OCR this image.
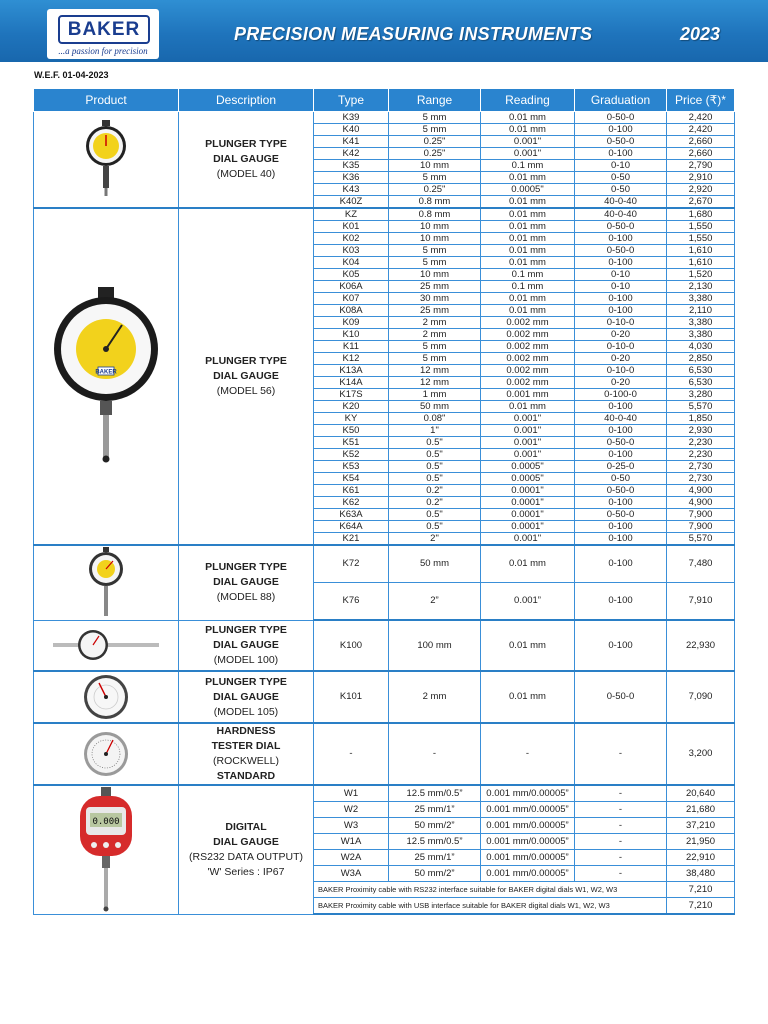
BAKER
...a passion for precision
PRECISION MEASURING INSTRUMENTS	2023
W.E.F. 01-04-2023
Product	Description	Type	Range	Reading	Graduation	Price (₹)*

PLUNGER TYPE
DIAL GAUGE
(MODEL 40)	K39	5 mm	0.01 mm	0-50-0	2,420
		K40	5 mm	0.01 mm	0-100	2,420
		K41	0.25"	0.001"	0-50-0	2,660
		K42	0.25"	0.001"	0-100	2,660
		K35	10 mm	0.1 mm	0-10	2,790
		K36	5 mm	0.01 mm	0-50	2,910
		K43	0.25"	0.0005"	0-50	2,920
		K40Z	0.8 mm	0.01 mm	40-0-40	2,670

BAKER	PLUNGER TYPE
DIAL GAUGE
(MODEL 56)	KZ	0.8 mm	0.01 mm	40-0-40	1,680
		K01	10 mm	0.01 mm	0-50-0	1,550
		K02	10 mm	0.01 mm	0-100	1,550
		K03	5 mm	0.01 mm	0-50-0	1,610
		K04	5 mm	0.01 mm	0-100	1,610
		K05	10 mm	0.1 mm	0-10	1,520
		K06A	25 mm	0.1 mm	0-10	2,130
		K07	30 mm	0.01 mm	0-100	3,380
		K08A	25 mm	0.01 mm	0-100	2,110
		K09	2 mm	0.002 mm	0-10-0	3,380
		K10	2 mm	0.002 mm	0-20	3,380
		K11	5 mm	0.002 mm	0-10-0	4,030
		K12	5 mm	0.002 mm	0-20	2,850
		K13A	12 mm	0.002 mm	0-10-0	6,530
		K14A	12 mm	0.002 mm	0-20	6,530
		K17S	1 mm	0.001 mm	0-100-0	3,280
		K20	50 mm	0.01 mm	0-100	5,570
		KY	0.08"	0.001"	40-0-40	1,850
		K50	1"	0.001"	0-100	2,930
		K51	0.5"	0.001"	0-50-0	2,230
		K52	0.5"	0.001"	0-100	2,230
		K53	0.5"	0.0005"	0-25-0	2,730
		K54	0.5"	0.0005"	0-50	2,730
		K61	0.2"	0.0001"	0-50-0	4,900
		K62	0.2"	0.0001"	0-100	4,900
		K63A	0.5"	0.0001"	0-50-0	7,900
		K64A	0.5"	0.0001"	0-100	7,900
		K21	2"	0.001"	0-100	5,570

PLUNGER TYPE
DIAL GAUGE
(MODEL 88)	K72	50 mm	0.01 mm	0-100	7,480
		K76	2”	0.001”	0-100	7,910

PLUNGER TYPE
DIAL GAUGE
(MODEL 100)	K100	100 mm	0.01 mm	0-100	22,930

PLUNGER TYPE
DIAL GAUGE
(MODEL 105)	K101	2 mm	0.01 mm	0-50-0	7,090

HARDNESS
TESTER DIAL
(ROCKWELL)
STANDARD	-	-	-	-	3,200

0.000	DIGITAL
DIAL GAUGE
(RS232 DATA OUTPUT)
'W' Series : IP67	W1	12.5 mm/0.5”	0.001 mm/0.00005”	-	20,640
		W2	25 mm/1”	0.001 mm/0.00005”	-	21,680
		W3	50 mm/2”	0.001 mm/0.00005”	-	37,210
		W1A	12.5 mm/0.5”	0.001 mm/0.00005”	-	21,950
		W2A	25 mm/1”	0.001 mm/0.00005”	-	22,910
		W3A	50 mm/2”	0.001 mm/0.00005”	-	38,480
		BAKER Proximity cable with RS232 interface suitable for BAKER digital dials W1, W2, W3				7,210
		BAKER Proximity cable with USB interface suitable for BAKER digital dials W1, W2, W3				7,210
